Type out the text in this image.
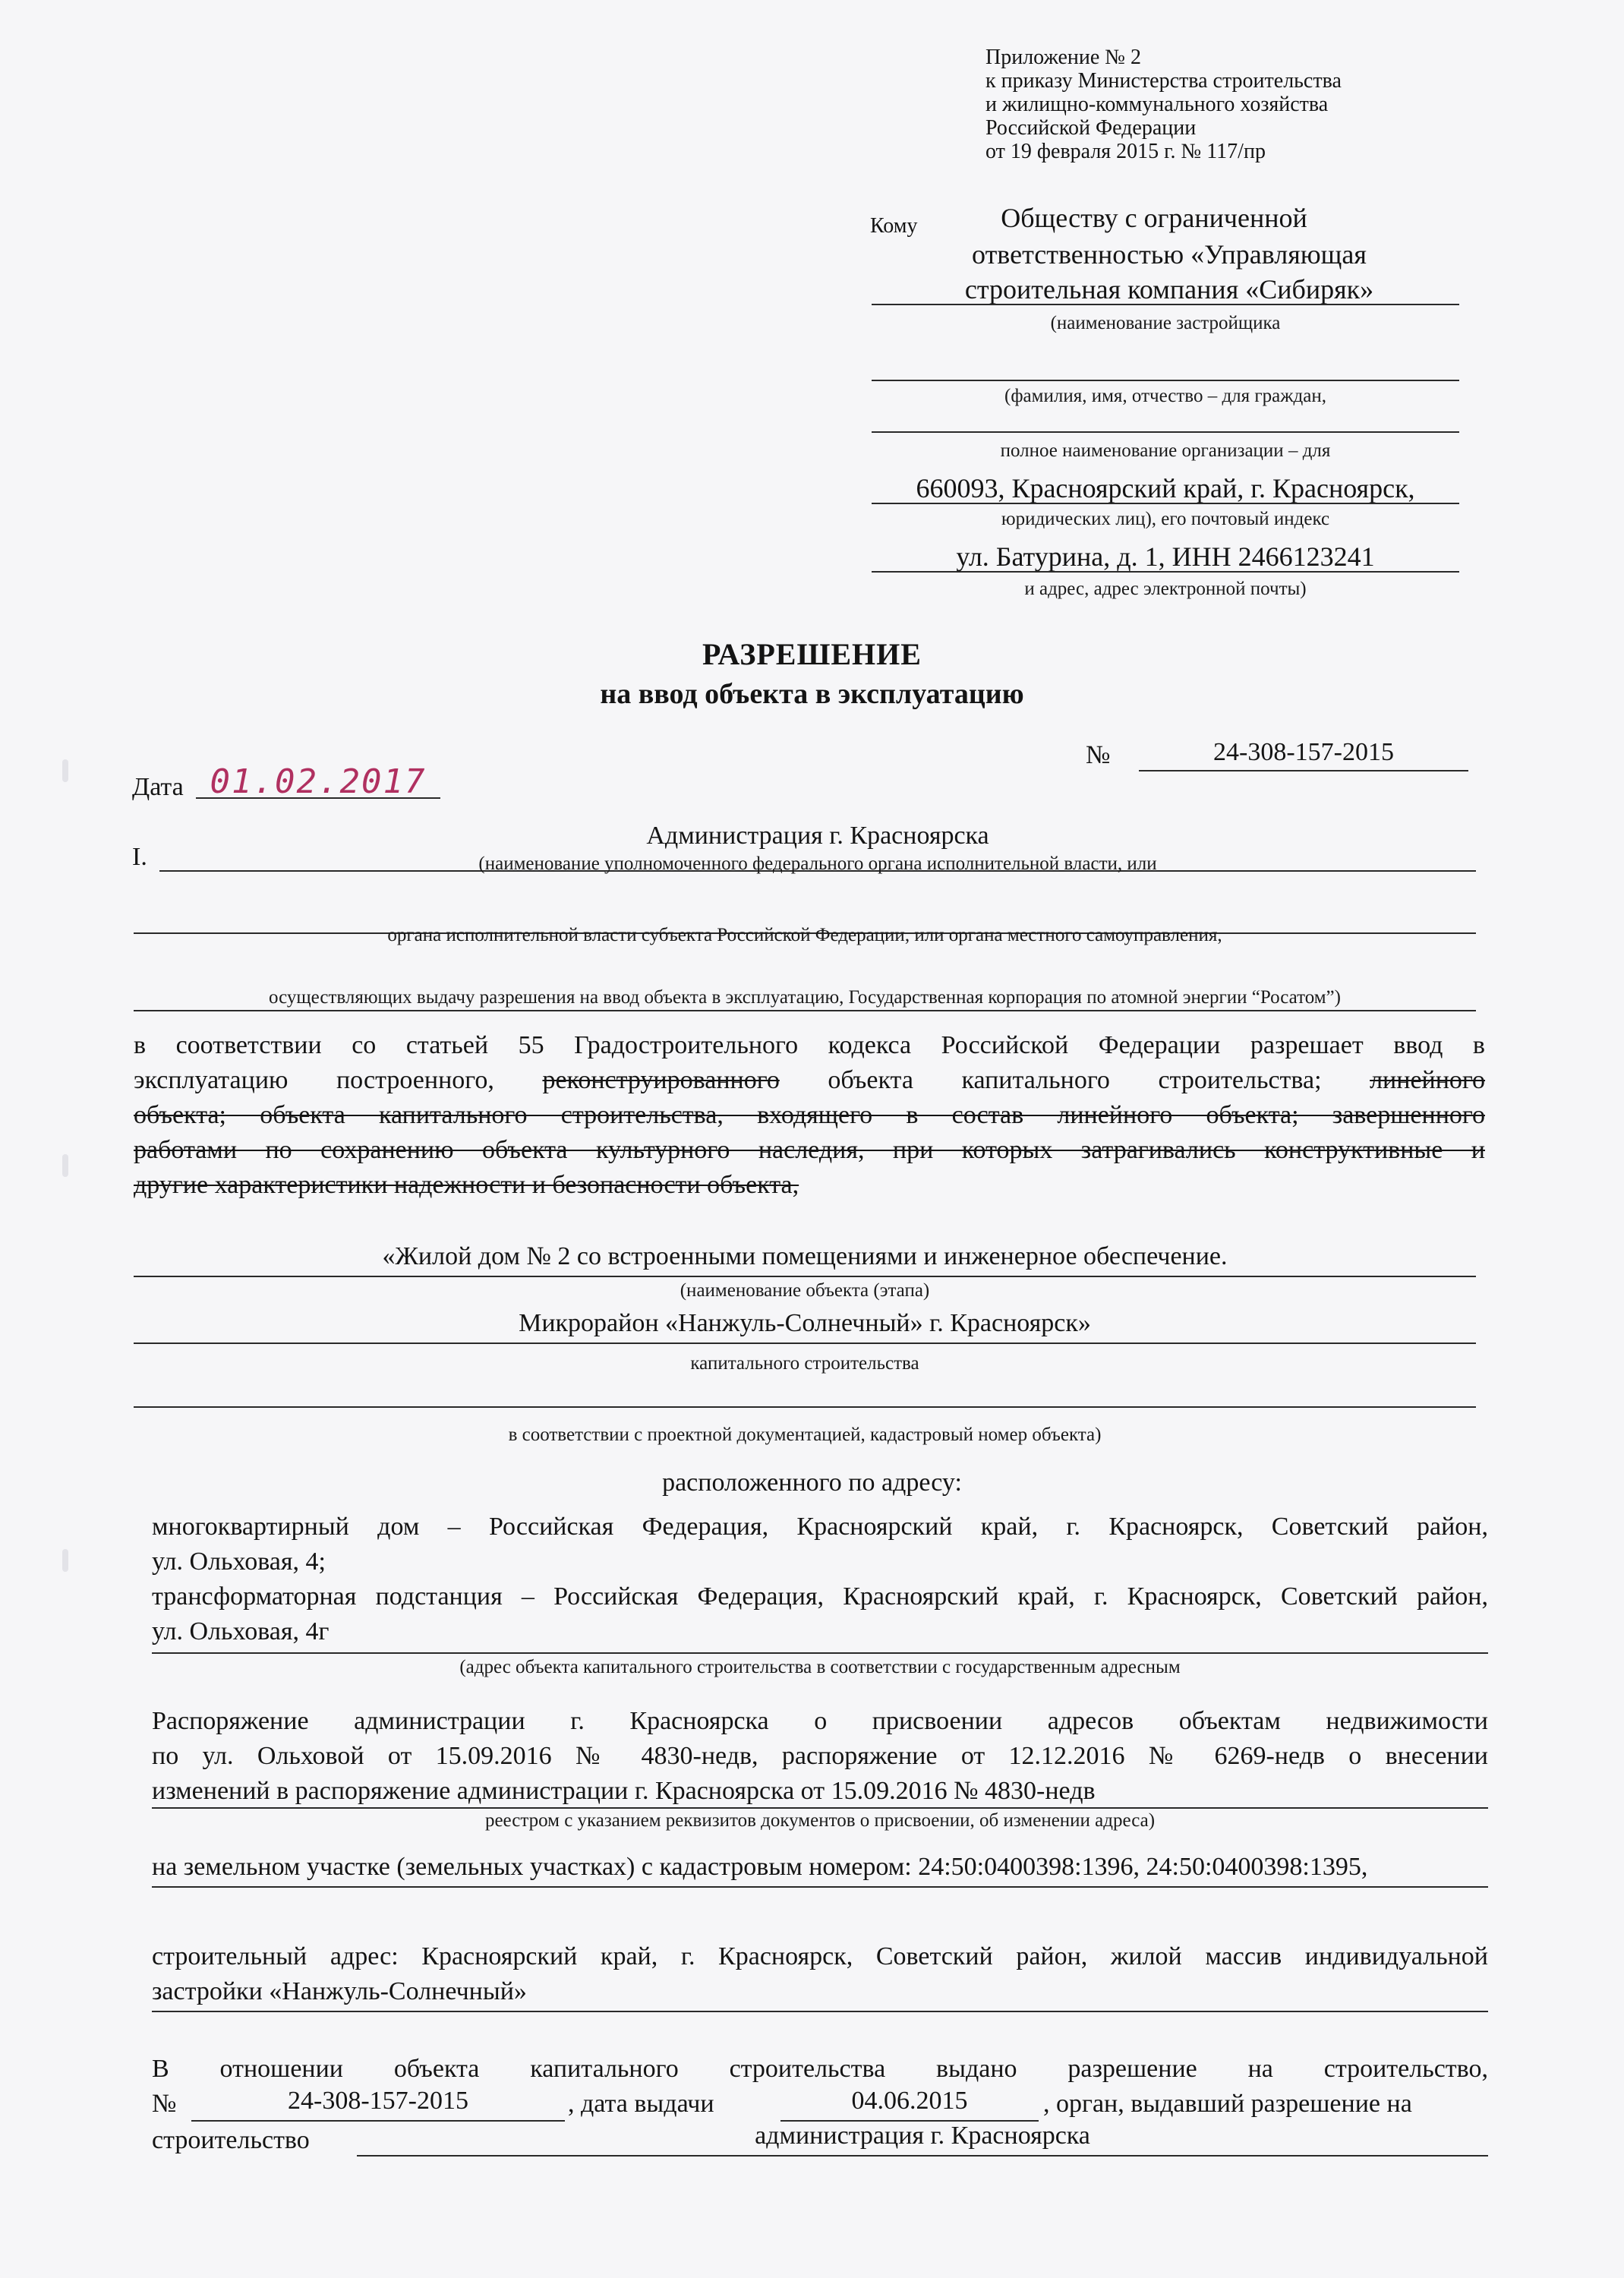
Приложение № 2
к приказу Министерства строительства
и жилищно-коммунального хозяйства
Российской Федерации
от 19 февраля 2015 г. № 117/пр
Кому	Обществу с ограниченной
ответственностью «Управляющая
строительная компания «Сибиряк»
(наименование застройщика
(фамилия, имя, отчество – для граждан,
полное наименование организации – для
660093, Красноярский край, г. Красноярск,
юридических лиц), его почтовый индекс
ул. Батурина, д. 1, ИНН 2466123241
и адрес, адрес электронной почты)
РАЗРЕШЕНИЕ
на ввод объекта в эксплуатацию
Дата 01.02.2017
№	24-308-157-2015
I.
Администрация г. Красноярска
(наименование уполномоченного федерального органа исполнительной власти, или
органа исполнительной власти субъекта Российской Федерации, или органа местного самоуправления,
осуществляющих выдачу разрешения на ввод объекта в эксплуатацию, Государственная корпорация по атомной энергии “Росатом”)
в соответствии со статьей 55 Градостроительного кодекса Российской Федерации разрешает ввод в
эксплуатацию построенного, реконструированного объекта капитального строительства; линейного
объекта; объекта капитального строительства, входящего в состав линейного объекта; завершенного
работами по сохранению объекта культурного наследия, при которых затрагивались конструктивные и
другие характеристики надежности и безопасности объекта,
«Жилой дом № 2 со встроенными помещениями и инженерное обеспечение.
(наименование объекта (этапа)
Микрорайон «Нанжуль-Солнечный» г. Красноярск»
капитального строительства
в соответствии с проектной документацией, кадастровый номер объекта)
расположенного по адресу:
многоквартирный дом – Российская Федерация, Красноярский край, г. Красноярск, Советский район,
ул. Ольховая, 4;
трансформаторная подстанция – Российская Федерация, Красноярский край, г. Красноярск, Советский район,
ул. Ольховая, 4г
(адрес объекта капитального строительства в соответствии с государственным адресным
Распоряжение администрации г. Красноярска о присвоении адресов объектам недвижимости
по ул. Ольховой от 15.09.2016 № 4830-недв, распоряжение от 12.12.2016 № 6269-недв о внесении
изменений в распоряжение администрации г. Красноярска от 15.09.2016 № 4830-недв
реестром с указанием реквизитов документов о присвоении, об изменении адреса)
на земельном участке (земельных участках) с кадастровым номером: 24:50:0400398:1396, 24:50:0400398:1395,
строительный адрес: Красноярский край, г. Красноярск, Советский район, жилой массив индивидуальной
застройки «Нанжуль-Солнечный»
В отношении объекта капитального строительства выдано разрешение на строительство,
№	24-308-157-2015	, дата выдачи	04.06.2015	, орган, выдавший разрешение на
строительство	администрация г. Красноярска
